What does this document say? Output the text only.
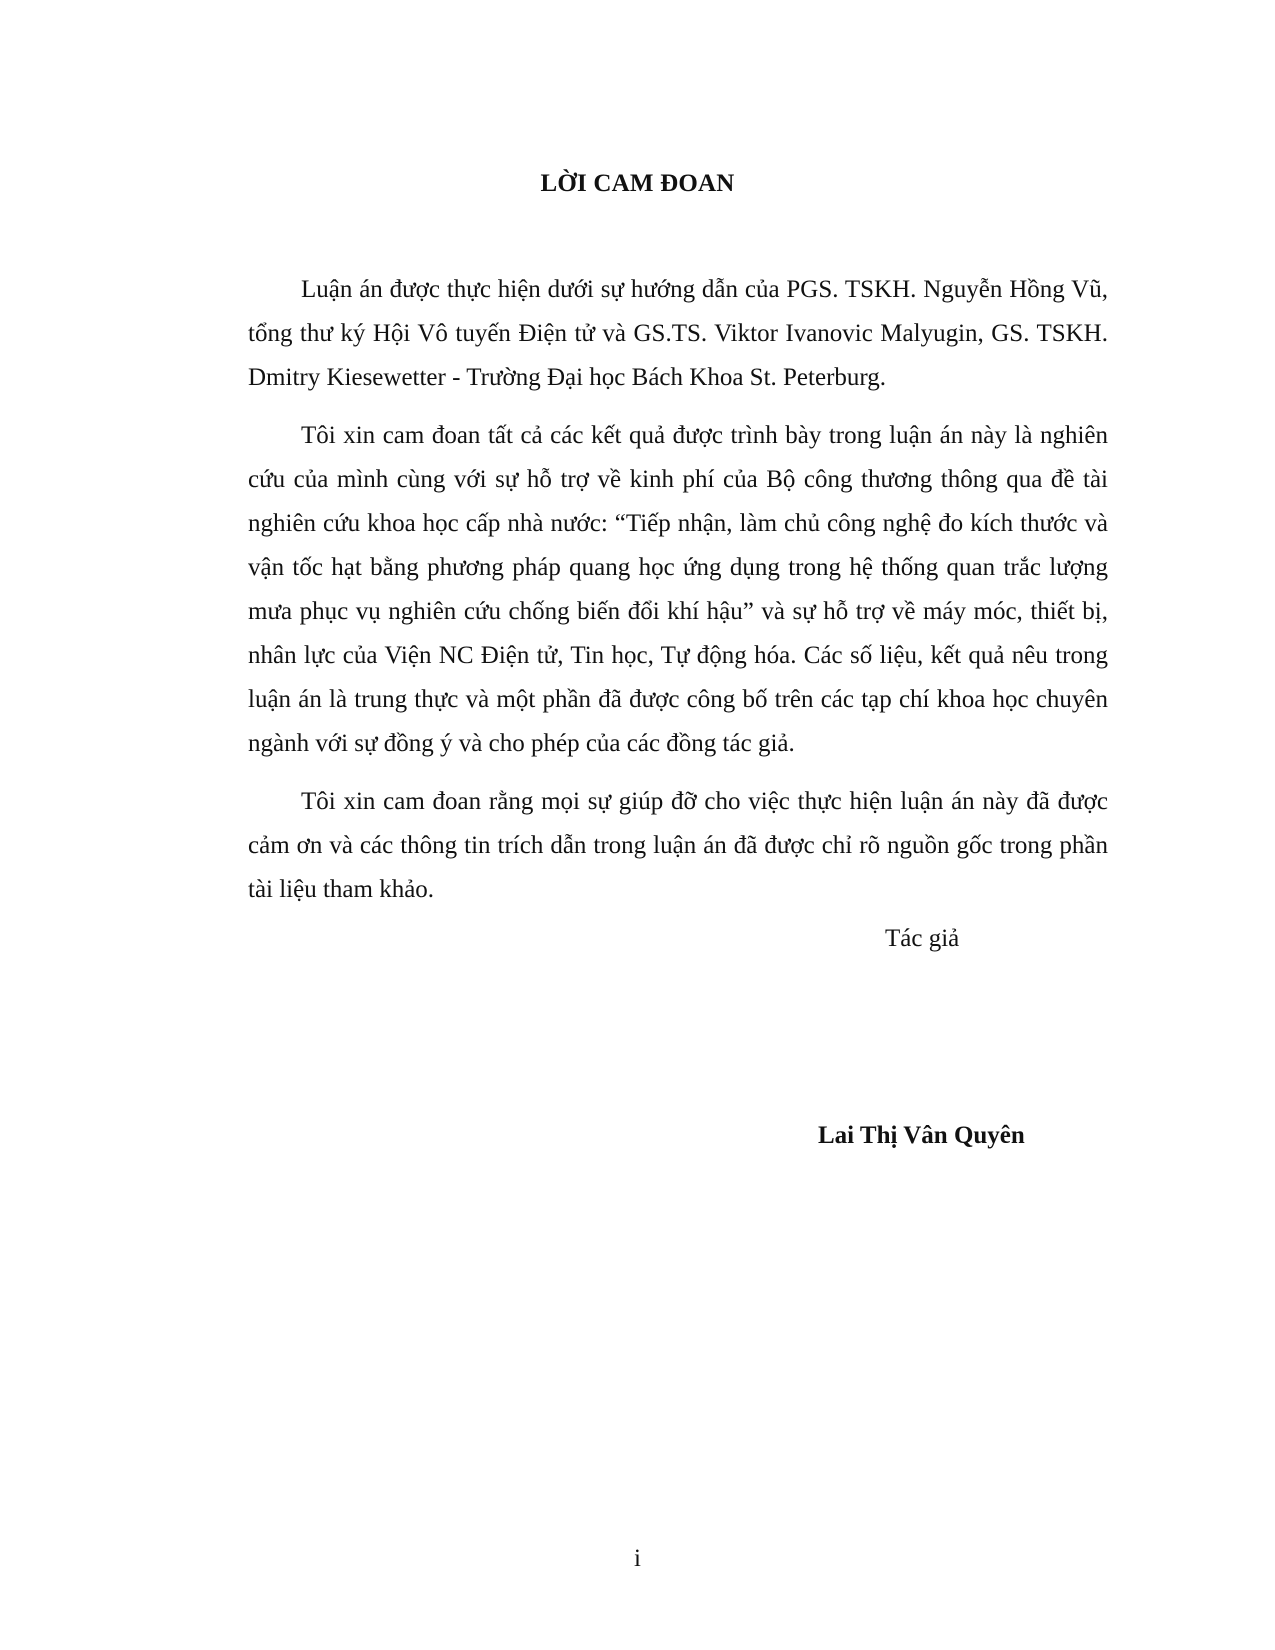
LỜI CAM ĐOAN

Luận án được thực hiện dưới sự hướng dẫn của PGS. TSKH. Nguyễn Hồng Vũ, tổng thư ký Hội Vô tuyến Điện tử và GS.TS. Viktor Ivanovic Malyugin, GS. TSKH. Dmitry Kiesewetter - Trường Đại học Bách Khoa St. Peterburg.

Tôi xin cam đoan tất cả các kết quả được trình bày trong luận án này là nghiên cứu của mình cùng với sự hỗ trợ về kinh phí của Bộ công thương thông qua đề tài nghiên cứu khoa học cấp nhà nước: “Tiếp nhận, làm chủ công nghệ đo kích thước và vận tốc hạt bằng phương pháp quang học ứng dụng trong hệ thống quan trắc lượng mưa phục vụ nghiên cứu chống biến đổi khí hậu” và sự hỗ trợ về máy móc, thiết bị, nhân lực của Viện NC Điện tử, Tin học, Tự động hóa. Các số liệu, kết quả nêu trong luận án là trung thực và một phần đã được công bố trên các tạp chí khoa học chuyên ngành với sự đồng ý và cho phép của các đồng tác giả.

Tôi xin cam đoan rằng mọi sự giúp đỡ cho việc thực hiện luận án này đã được cảm ơn và các thông tin trích dẫn trong luận án đã được chỉ rõ nguồn gốc trong phần tài liệu tham khảo.

Tác giả
Lai Thị Vân Quyên
i
